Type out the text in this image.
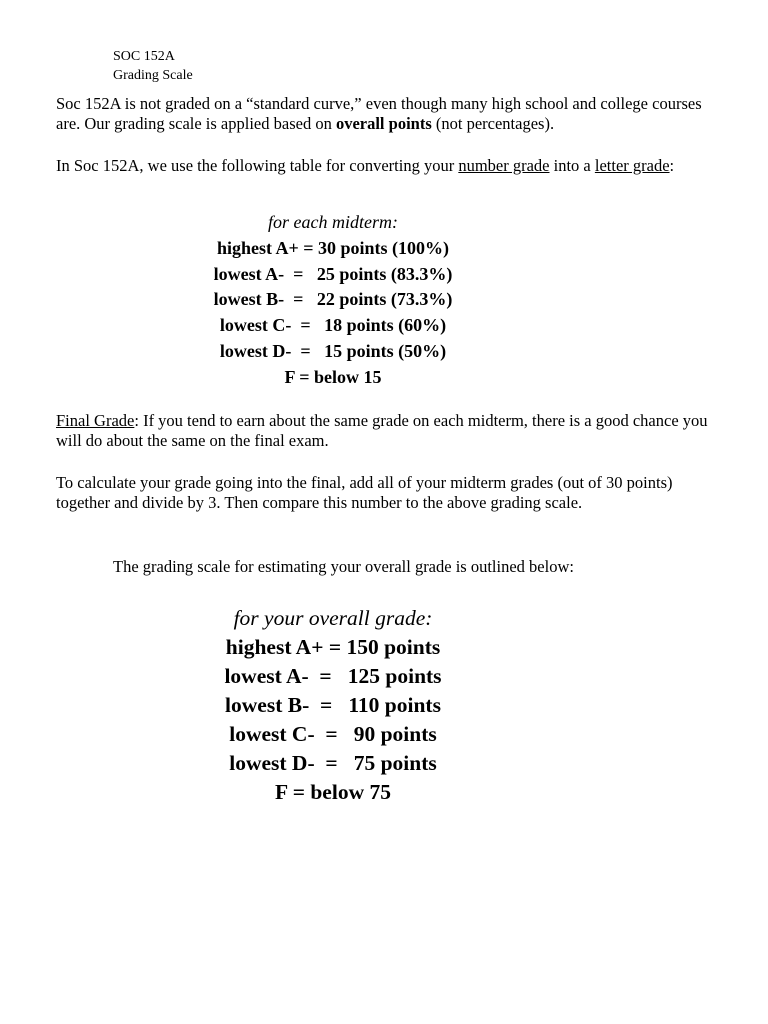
SOC 152A
Grading Scale
Soc 152A is not graded on a “standard curve,” even though many high school and college courses are. Our grading scale is applied based on overall points (not percentages).
In Soc 152A, we use the following table for converting your number grade into a letter grade:
for each midterm:
highest A+ = 30 points (100%)
lowest A-  =   25 points (83.3%)
lowest B-  =   22 points (73.3%)
lowest C-  =   18 points (60%)
lowest D-  =   15 points (50%)
F = below 15
Final Grade: If you tend to earn about the same grade on each midterm, there is a good chance you will do about the same on the final exam.
To calculate your grade going into the final, add all of your midterm grades (out of 30 points) together and divide by 3. Then compare this number to the above grading scale.
The grading scale for estimating your overall grade is outlined below:
for your overall grade:
highest A+ = 150 points
lowest A-  =   125 points
lowest B-  =   110 points
lowest C-  =   90 points
lowest D-  =   75 points
F = below 75
